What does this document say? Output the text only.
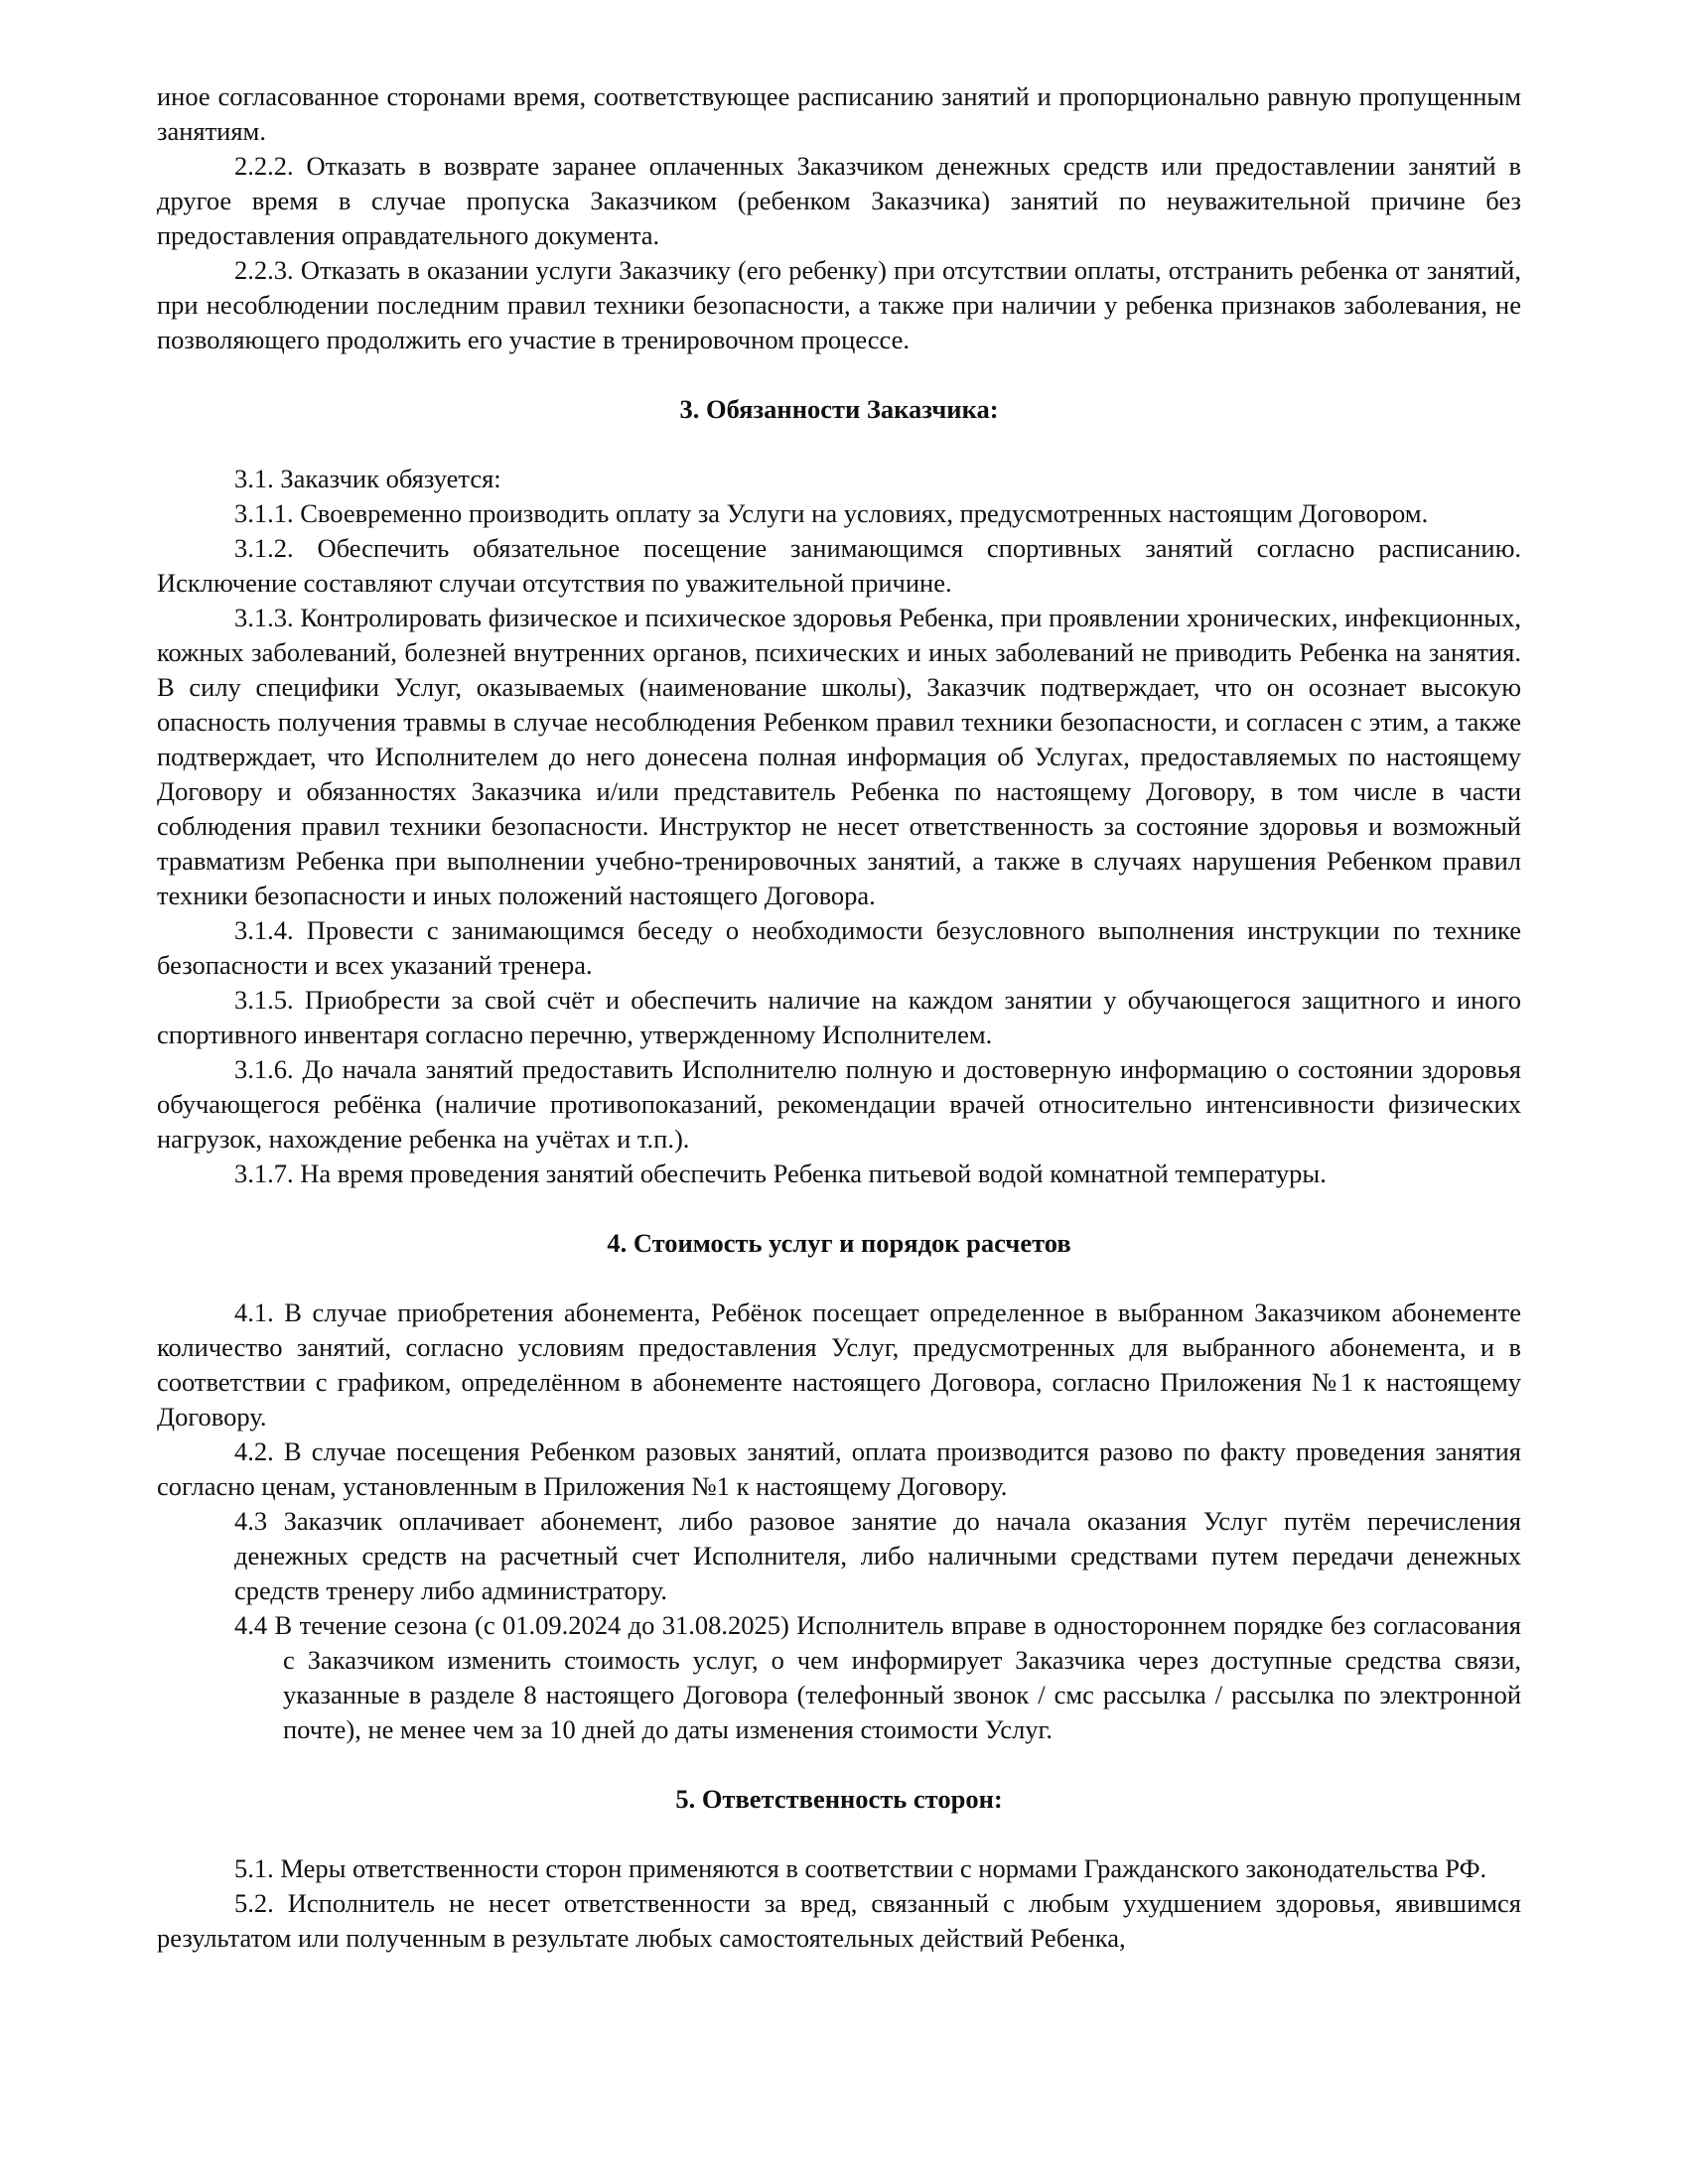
иное согласованное сторонами время, соответствующее расписанию занятий и пропорционально равную пропущенным занятиям.

2.2.2. Отказать в возврате заранее оплаченных Заказчиком денежных средств или предоставлении занятий в другое время в случае пропуска Заказчиком (ребенком Заказчика) занятий по неуважительной причине без предоставления оправдательного документа.

2.2.3. Отказать в оказании услуги Заказчику (его ребенку) при отсутствии оплаты, отстранить ребенка от занятий, при несоблюдении последним правил техники безопасности, а также при наличии у ребенка признаков заболевания, не позволяющего продолжить его участие в тренировочном процессе.

3. Обязанности Заказчика:

3.1. Заказчик обязуется:

3.1.1. Своевременно производить оплату за Услуги на условиях, предусмотренных настоящим Договором.

3.1.2. Обеспечить обязательное посещение занимающимся спортивных занятий согласно расписанию. Исключение составляют случаи отсутствия по уважительной причине.

3.1.3. Контролировать физическое и психическое здоровья Ребенка, при проявлении хронических, инфекционных, кожных заболеваний, болезней внутренних органов, психических и иных заболеваний не приводить Ребенка на занятия. В силу специфики Услуг, оказываемых (наименование школы), Заказчик подтверждает, что он осознает высокую опасность получения травмы в случае несоблюдения Ребенком правил техники безопасности, и согласен с этим, а также подтверждает, что Исполнителем до него донесена полная информация об Услугах, предоставляемых по настоящему Договору и обязанностях Заказчика и/или представитель Ребенка по настоящему Договору, в том числе в части соблюдения правил техники безопасности. Инструктор не несет ответственность за состояние здоровья и возможный травматизм Ребенка при выполнении учебно-тренировочных занятий, а также в случаях нарушения Ребенком правил техники безопасности и иных положений настоящего Договора.

3.1.4. Провести с занимающимся беседу о необходимости безусловного выполнения инструкции по технике безопасности и всех указаний тренера.

3.1.5. Приобрести за свой счёт и обеспечить наличие на каждом занятии у обучающегося защитного и иного спортивного инвентаря согласно перечню, утвержденному Исполнителем.

3.1.6. До начала занятий предоставить Исполнителю полную и достоверную информацию о состоянии здоровья обучающегося ребёнка (наличие противопоказаний, рекомендации врачей относительно интенсивности физических нагрузок, нахождение ребенка на учётах и т.п.).

3.1.7. На время проведения занятий обеспечить Ребенка питьевой водой комнатной температуры.

4. Стоимость услуг и порядок расчетов

4.1. В случае приобретения абонемента, Ребёнок посещает определенное в выбранном Заказчиком абонементе количество занятий, согласно условиям предоставления Услуг, предусмотренных для выбранного абонемента, и в соответствии с графиком, определённом в абонементе настоящего Договора, согласно Приложения №1 к настоящему Договору.

4.2. В случае посещения Ребенком разовых занятий, оплата производится разово по факту проведения занятия согласно ценам, установленным в Приложения №1 к настоящему Договору.

4.3 Заказчик оплачивает абонемент, либо разовое занятие до начала оказания Услуг путём перечисления денежных средств на расчетный счет Исполнителя, либо наличными средствами путем передачи денежных средств тренеру либо администратору.

4.4 В течение сезона (с 01.09.2024 до 31.08.2025) Исполнитель вправе в одностороннем порядке без согласования с Заказчиком изменить стоимость услуг, о чем информирует Заказчика через доступные средства связи, указанные в разделе 8 настоящего Договора (телефонный звонок / смс рассылка / рассылка по электронной почте), не менее чем за 10 дней до даты изменения стоимости Услуг.

5. Ответственность сторон:

5.1. Меры ответственности сторон применяются в соответствии с нормами Гражданского законодательства РФ.

5.2. Исполнитель не несет ответственности за вред, связанный с любым ухудшением здоровья, явившимся результатом или полученным в результате любых самостоятельных действий Ребенка,
